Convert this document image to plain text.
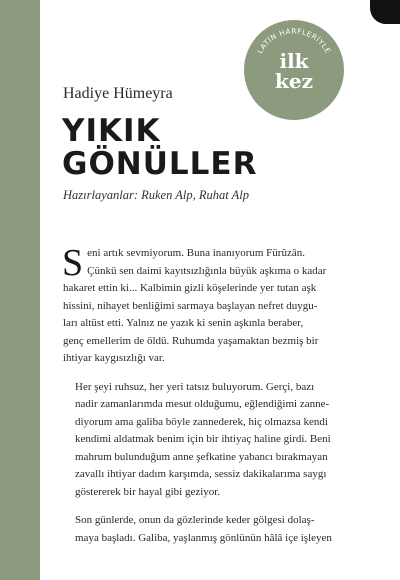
LATİN HARFLERİYLE
ilk
kez
Hadiye Hümeyra
YIKIK
GÖNÜLLER
Hazırlayanlar: Ruken Alp, Ruhat Alp

S eni artık sevmiyorum. Buna inanıyorum Fürûzân.
Çünkü sen daimi kayıtsızlığınla büyük aşkıma o kadar
hakaret ettin ki... Kalbimin gizli köşelerinde yer tutan aşk
hissini, nihayet benliğimi sarmaya başlayan nefret duygu-
ları altüst etti. Yalnız ne yazık ki senin aşkınla beraber,
genç emellerim de öldü. Ruhumda yaşamaktan bezmiş bir
ihtiyar kaygısızlığı var.

Her şeyi ruhsuz, her yeri tatsız buluyorum. Gerçi, bazı
nadir zamanlarımda mesut olduğumu, eğlendiğimi zanne-
diyorum ama galiba böyle zannederek, hiç olmazsa kendi
kendimi aldatmak benim için bir ihtiyaç haline girdi. Beni
mahrum bulunduğum anne şefkatine yabancı bırakmayan
zavallı ihtiyar dadım karşımda, sessiz dakikalarıma saygı
göstererek bir hayal gibi geziyor.

Son günlerde, onun da gözlerinde keder gölgesi dolaş-
maya başladı. Galiba, yaşlanmış gönlünün hâlâ içe işleyen
